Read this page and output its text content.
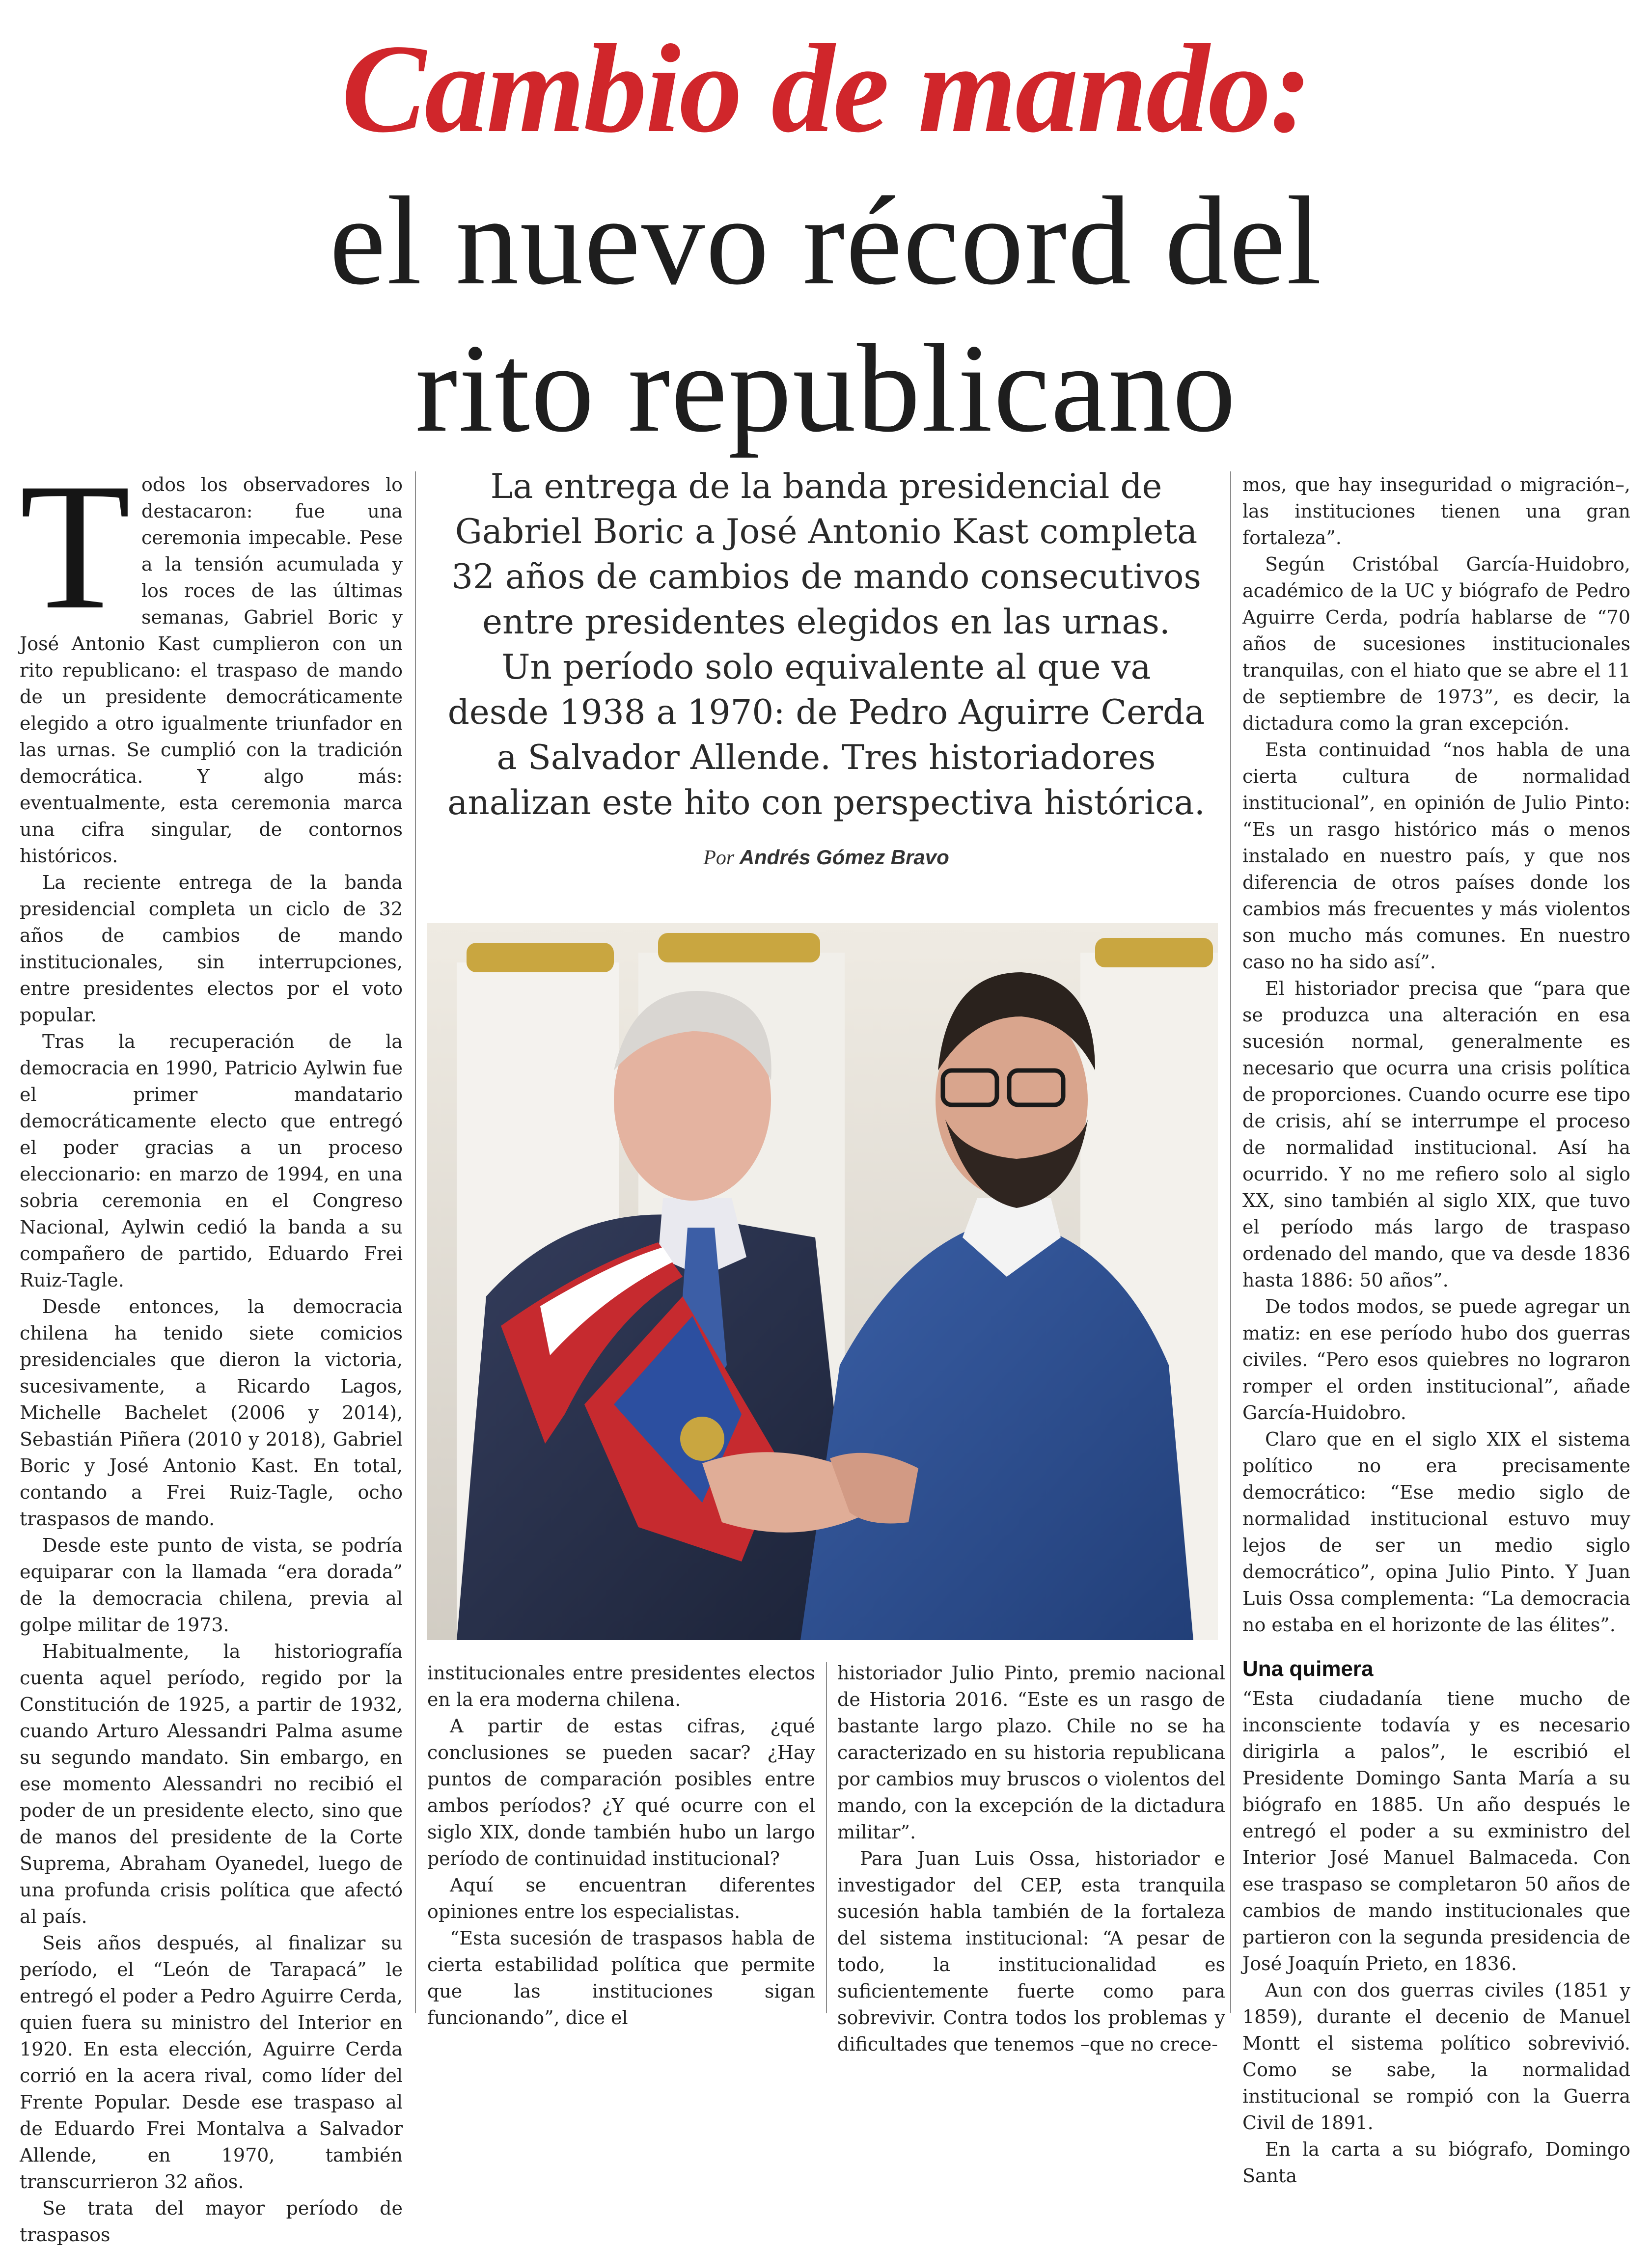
Cambio de mando:
el nuevo récord del
rito republicano

Todos los observadores lo destacaron: fue una ceremonia impecable. Pese a la tensión acumulada y los roces de las últimas semanas, Gabriel Boric y José Antonio Kast cumplieron con un rito republicano: el traspaso de mando de un presidente democráticamente elegido a otro igualmente triunfador en las urnas. Se cumplió con la tradición democrática. Y algo más: eventualmente, esta ceremonia marca una cifra singular, de contornos históricos.

La reciente entrega de la banda presidencial completa un ciclo de 32 años de cambios de mando institucionales, sin interrupciones, entre presidentes electos por el voto popular.

Tras la recuperación de la democracia en 1990, Patricio Aylwin fue el primer mandatario democráticamente electo que entregó el poder gracias a un proceso eleccionario: en marzo de 1994, en una sobria ceremonia en el Congreso Nacional, Aylwin cedió la banda a su compañero de partido, Eduardo Frei Ruiz-Tagle.

Desde entonces, la democracia chilena ha tenido siete comicios presidenciales que dieron la victoria, sucesivamente, a Ricardo Lagos, Michelle Bachelet (2006 y 2014), Sebastián Piñera (2010 y 2018), Gabriel Boric y José Antonio Kast. En total, contando a Frei Ruiz-Tagle, ocho traspasos de mando.

Desde este punto de vista, se podría equiparar con la llamada “era dorada” de la democracia chilena, previa al golpe militar de 1973.

Habitualmente, la historiografía cuenta aquel período, regido por la Constitución de 1925, a partir de 1932, cuando Arturo Alessandri Palma asume su segundo mandato. Sin embargo, en ese momento Alessandri no recibió el poder de un presidente electo, sino que de manos del presidente de la Corte Suprema, Abraham Oyanedel, luego de una profunda crisis política que afectó al país.

Seis años después, al finalizar su período, el “León de Tarapacá” le entregó el poder a Pedro Aguirre Cerda, quien fuera su ministro del Interior en 1920. En esta elección, Aguirre Cerda corrió en la acera rival, como líder del Frente Popular. Desde ese traspaso al de Eduardo Frei Montalva a Salvador Allende, en 1970, también transcurrieron 32 años.

Se trata del mayor período de traspasos

La entrega de la banda presidencial de
Gabriel Boric a José Antonio Kast completa
32 años de cambios de mando consecutivos
entre presidentes elegidos en las urnas.
Un período solo equivalente al que va
desde 1938 a 1970: de Pedro Aguirre Cerda
a Salvador Allende. Tres historiadores
analizan este hito con perspectiva histórica.
Por Andrés Gómez Bravo

institucionales entre presidentes electos en la era moderna chilena.

A partir de estas cifras, ¿qué conclusiones se pueden sacar? ¿Hay puntos de comparación posibles entre ambos períodos? ¿Y qué ocurre con el siglo XIX, donde también hubo un largo período de continuidad institucional?

Aquí se encuentran diferentes opiniones entre los especialistas.

“Esta sucesión de traspasos habla de cierta estabilidad política que permite que las instituciones sigan funcionando”, dice el

historiador Julio Pinto, premio nacional de Historia 2016. “Este es un rasgo de bastante largo plazo. Chile no se ha caracterizado en su historia republicana por cambios muy bruscos o violentos del mando, con la excepción de la dictadura militar”.

Para Juan Luis Ossa, historiador e investigador del CEP, esta tranquila sucesión habla también de la fortaleza del sistema institucional: “A pesar de todo, la institucionalidad es suficientemente fuerte como para sobrevivir. Contra todos los problemas y dificultades que tenemos –que no crece-

mos, que hay inseguridad o migración–, las instituciones tienen una gran fortaleza”.

Según Cristóbal García-Huidobro, académico de la UC y biógrafo de Pedro Aguirre Cerda, podría hablarse de “70 años de sucesiones institucionales tranquilas, con el hiato que se abre el 11 de septiembre de 1973”, es decir, la dictadura como la gran excepción.

Esta continuidad “nos habla de una cierta cultura de normalidad institucional”, en opinión de Julio Pinto: “Es un rasgo histórico más o menos instalado en nuestro país, y que nos diferencia de otros países donde los cambios más frecuentes y más violentos son mucho más comunes. En nuestro caso no ha sido así”.

El historiador precisa que “para que se produzca una alteración en esa sucesión normal, generalmente es necesario que ocurra una crisis política de proporciones. Cuando ocurre ese tipo de crisis, ahí se interrumpe el proceso de normalidad institucional. Así ha ocurrido. Y no me refiero solo al siglo XX, sino también al siglo XIX, que tuvo el período más largo de traspaso ordenado del mando, que va desde 1836 hasta 1886: 50 años”.

De todos modos, se puede agregar un matiz: en ese período hubo dos guerras civiles. “Pero esos quiebres no lograron romper el orden institucional”, añade García-Huidobro.

Claro que en el siglo XIX el sistema político no era precisamente democrático: “Ese medio siglo de normalidad institucional estuvo muy lejos de ser un medio siglo democrático”, opina Julio Pinto. Y Juan Luis Ossa complementa: “La democracia no estaba en el horizonte de las élites”.

Una quimera

“Esta ciudadanía tiene mucho de inconsciente todavía y es necesario dirigirla a palos”, le escribió el Presidente Domingo Santa María a su biógrafo en 1885. Un año después le entregó el poder a su exministro del Interior José Manuel Balmaceda. Con ese traspaso se completaron 50 años de cambios de mando institucionales que partieron con la segunda presidencia de José Joaquín Prieto, en 1836.

Aun con dos guerras civiles (1851 y 1859), durante el decenio de Manuel Montt el sistema político sobrevivió. Como se sabe, la normalidad institucional se rompió con la Guerra Civil de 1891.

En la carta a su biógrafo, Domingo Santa
